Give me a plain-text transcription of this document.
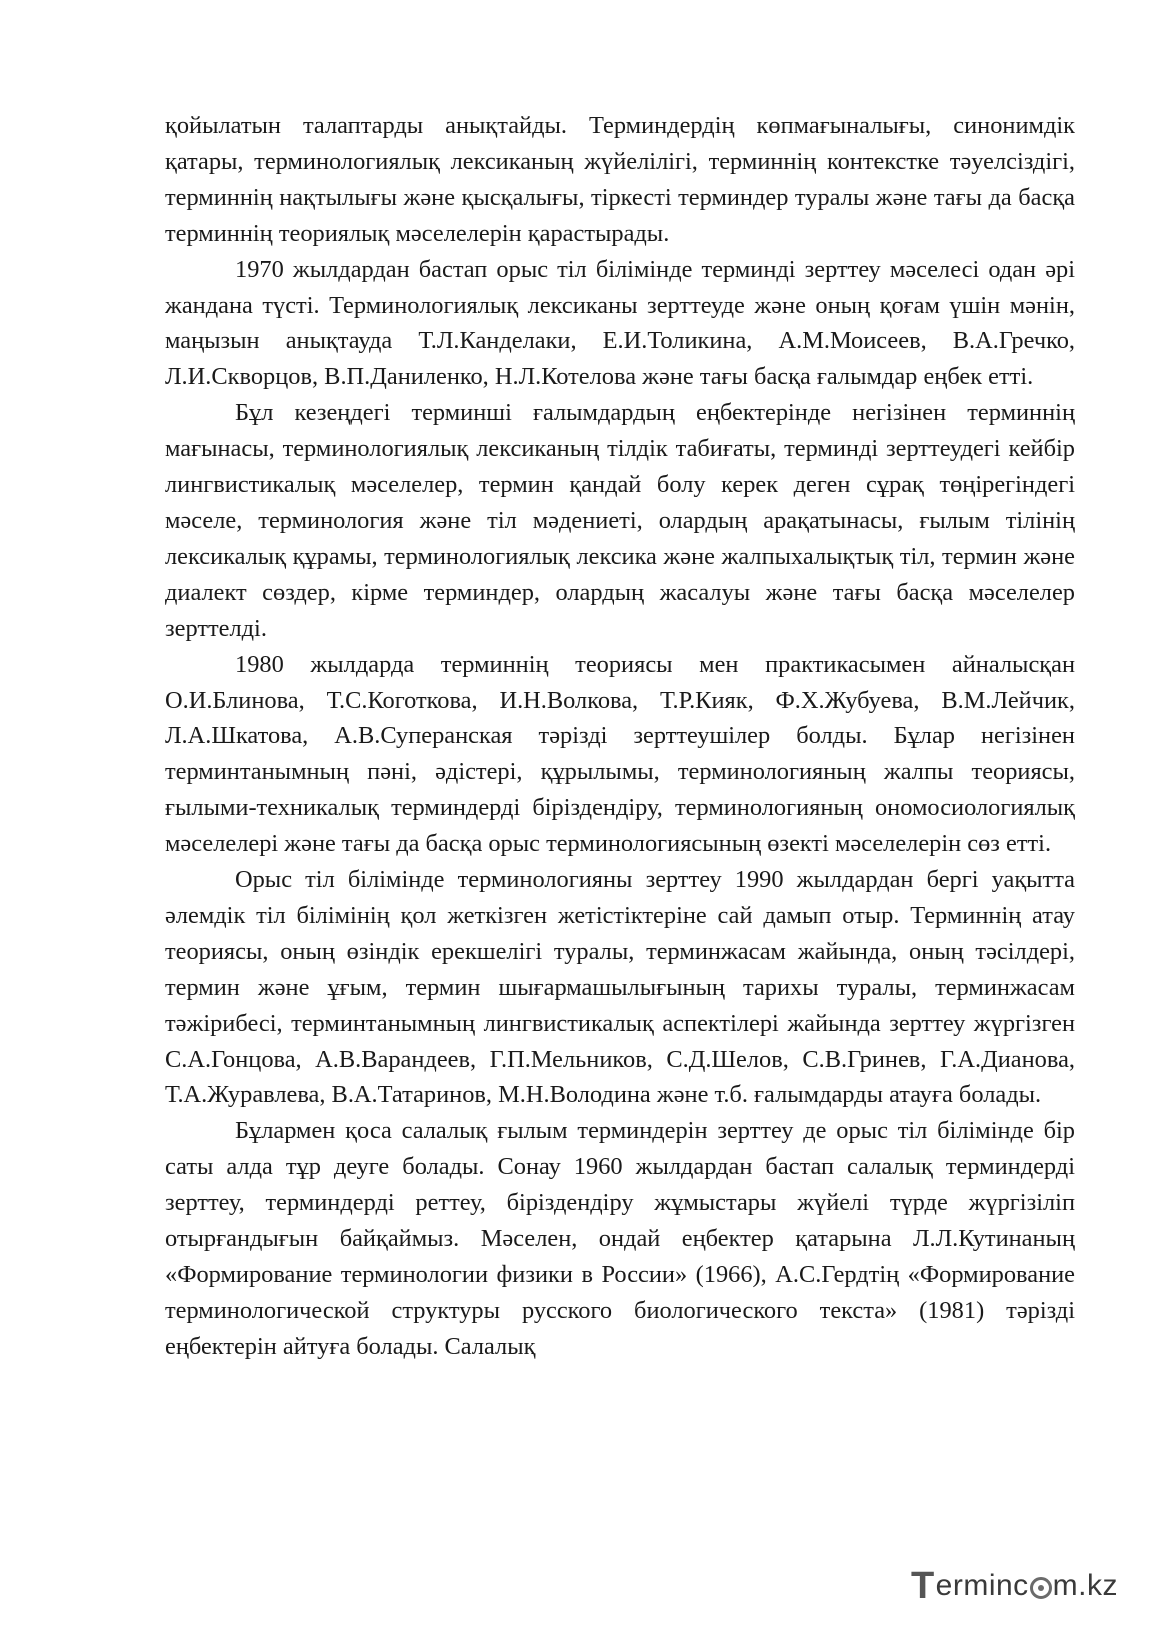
қойылатын талаптарды анықтайды. Терминдердің көпмағыналығы, синонимдік қатары, терминологиялық лексиканың жүйелілігі, терминнің контекстке тәуелсіздігі, терминнің нақтылығы және қысқалығы, тіркесті терминдер туралы және тағы да басқа терминнің теориялық мәселелерін қарастырады.

1970 жылдардан бастап орыс тіл білімінде терминді зерттеу мәселесі одан әрі жандана түсті. Терминологиялық лексиканы зерттеуде және оның қоғам үшін мәнін, маңызын анықтауда Т.Л.Канделаки, Е.И.Толикина, А.М.Моисеев, В.А.Гречко, Л.И.Скворцов, В.П.Даниленко, Н.Л.Котелова және тағы басқа ғалымдар еңбек етті.

Бұл кезеңдегі терминші ғалымдардың еңбектерінде негізінен терминнің мағынасы, терминологиялық лексиканың тілдік табиғаты, терминді зерттеудегі кейбір лингвистикалық мәселелер, термин қандай болу керек деген сұрақ төңірегіндегі мәселе, терминология және тіл мәдениеті, олардың арақатынасы, ғылым тілінің лексикалық құрамы, терминологиялық лексика және жалпыхалықтық тіл, термин және диалект сөздер, кірме терминдер, олардың жасалуы және тағы басқа мәселелер зерттелді.

1980 жылдарда терминнің теориясы мен практикасымен айналысқан О.И.Блинова, Т.С.Коготкова, И.Н.Волкова, Т.Р.Кияк, Ф.Х.Жубуева, В.М.Лейчик, Л.А.Шкатова, А.В.Суперанская тәрізді зерттеушілер болды. Бұлар негізінен терминтанымның пәні, әдістері, құрылымы, терминологияның жалпы теориясы, ғылыми-техникалық терминдерді біріздендіру, терминологияның ономосиологиялық мәселелері және тағы да басқа орыс терминологиясының өзекті мәселелерін сөз етті.

Орыс тіл білімінде терминологияны зерттеу 1990 жылдардан бергі уақытта әлемдік тіл білімінің қол жеткізген жетістіктеріне сай дамып отыр. Терминнің атау теориясы, оның өзіндік ерекшелігі туралы, терминжасам жайында, оның тәсілдері, термин және ұғым, термин шығармашылығының тарихы туралы, терминжасам тәжірибесі, терминтанымның лингвистикалық аспектілері жайында зерттеу жүргізген С.А.Гонцова, А.В.Варандеев, Г.П.Мельников, С.Д.Шелов, С.В.Гринев, Г.А.Дианова, Т.А.Журавлева, В.А.Татаринов, М.Н.Володина және т.б. ғалымдарды атауға болады.

Бұлармен қоса салалық ғылым терминдерін зерттеу де орыс тіл білімінде бір саты алда тұр деуге болады. Сонау 1960 жылдардан бастап салалық терминдерді зерттеу, терминдерді реттеу, біріздендіру жұмыстары жүйелі түрде жүргізіліп отырғандығын байқаймыз. Мәселен, ондай еңбектер қатарына Л.Л.Кутинаның «Формирование терминологии физики в России» (1966), А.С.Гердтің «Формирование терминологической структуры русского биологического текста» (1981) тәрізді еңбектерін айтуға болады. Салалық

T erminc m.kz
